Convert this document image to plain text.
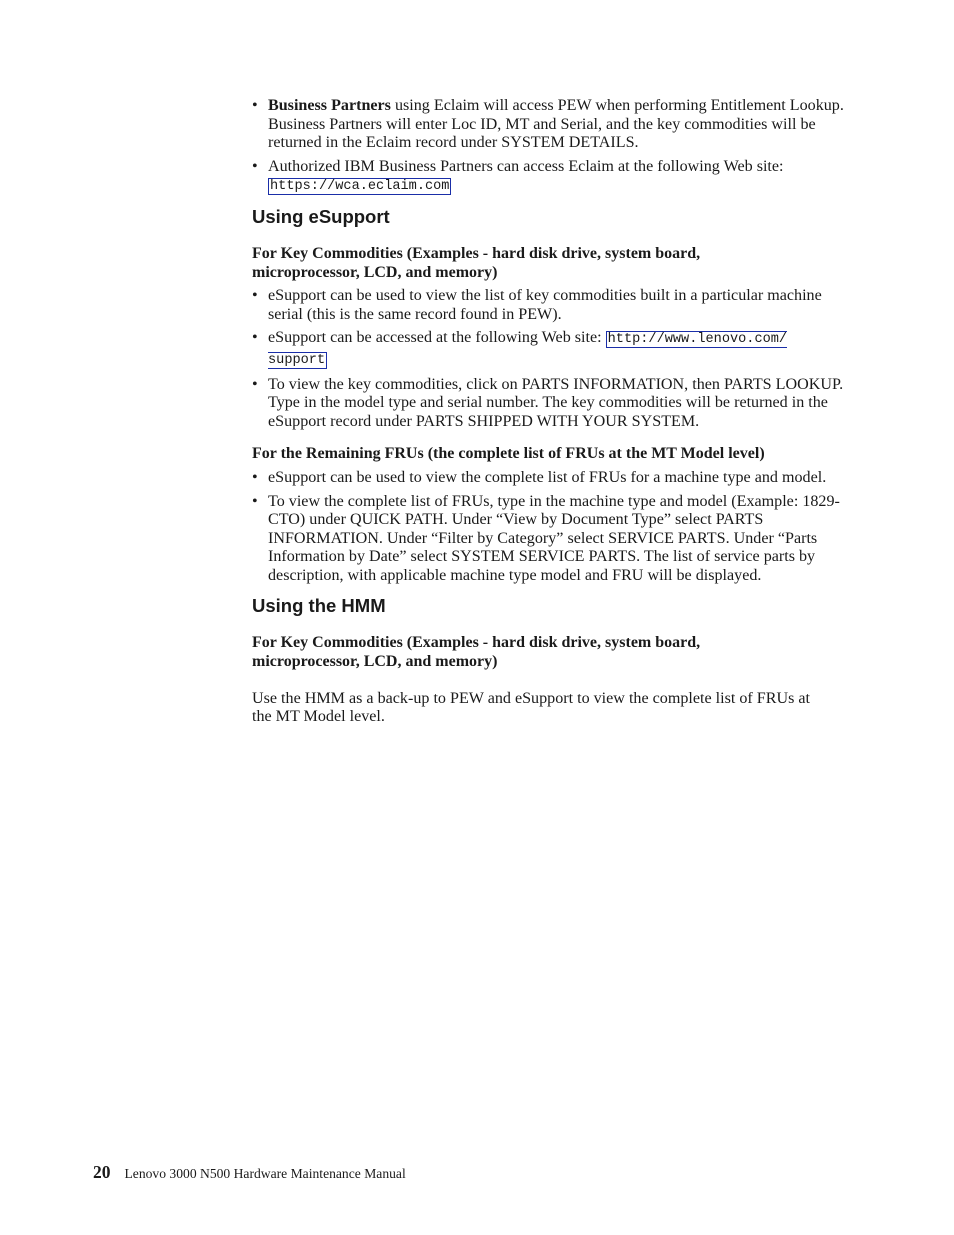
• Business Partners using Eclaim will access PEW when performing Entitlement Lookup. Business Partners will enter Loc ID, MT and Serial, and the key commodities will be returned in the Eclaim record under SYSTEM DETAILS.
• Authorized IBM Business Partners can access Eclaim at the following Web site: https://wca.eclaim.com
Using eSupport

For Key Commodities (Examples - hard disk drive, system board, microprocessor, LCD, and memory)

• eSupport can be used to view the list of key commodities built in a particular machine serial (this is the same record found in PEW).
• eSupport can be accessed at the following Web site: http://www.lenovo.com/
support
• To view the key commodities, click on PARTS INFORMATION, then PARTS LOOKUP. Type in the model type and serial number. The key commodities will be returned in the eSupport record under PARTS SHIPPED WITH YOUR SYSTEM.

For the Remaining FRUs (the complete list of FRUs at the MT Model level)

• eSupport can be used to view the complete list of FRUs for a machine type and model.
• To view the complete list of FRUs, type in the machine type and model (Example: 1829-CTO) under QUICK PATH. Under “View by Document Type” select PARTS INFORMATION. Under “Filter by Category” select SERVICE PARTS. Under “Parts Information by Date” select SYSTEM SERVICE PARTS. The list of service parts by description, with applicable machine type model and FRU will be displayed.
Using the HMM

For Key Commodities (Examples - hard disk drive, system board, microprocessor, LCD, and memory)

Use the HMM as a back-up to PEW and eSupport to view the complete list of FRUs at the MT Model level.

20 Lenovo 3000 N500 Hardware Maintenance Manual
